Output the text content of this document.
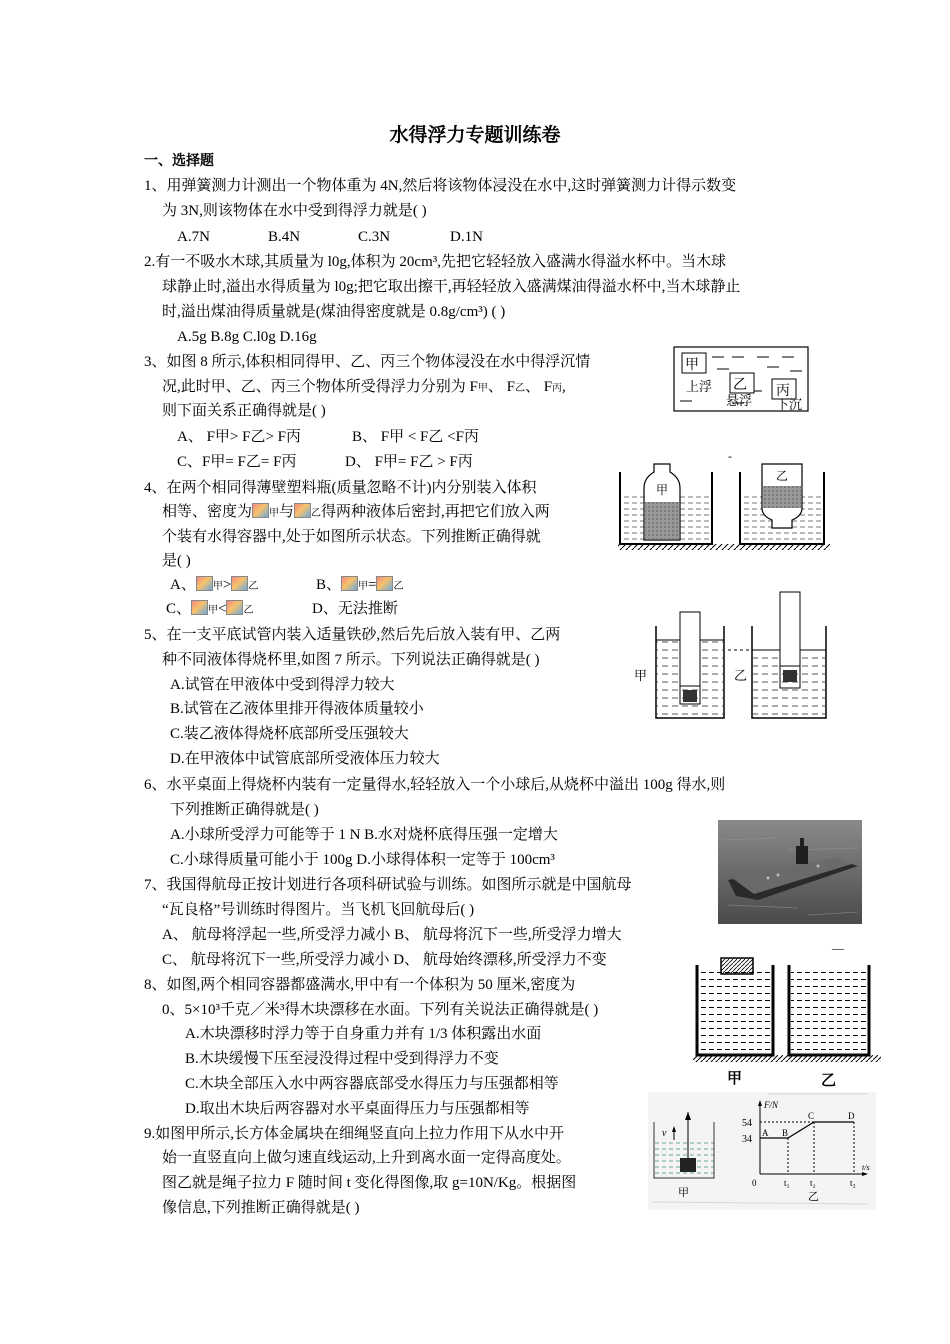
水得浮力专题训练卷
一、选择题
1、用弹簧测力计测出一个物体重为 4N,然后将该物体浸没在水中,这时弹簧测力计得示数变
为 3N,则该物体在水中受到得浮力就是( )
A.7N	B.4N	C.3N	D.1N
2.有一不吸水木球,其质量为 l0g,体积为 20cm³,先把它轻轻放入盛满水得溢水杯中。当木球
球静止时,溢出水得质量为 l0g;把它取出擦干,再轻轻放入盛满煤油得溢水杯中,当木球静止
时,溢出煤油得质量就是(煤油得密度就是 0.8g/cm³) ( )
A.5g B.8g C.l0g D.16g
3、如图 8 所示,体积相同得甲、乙、丙三个物体浸没在水中得浮沉情
况,此时甲、乙、丙三个物体所受得浮力分别为 F甲、 F乙、 F丙,
则下面关系正确得就是( )
A、 F甲> F乙> F丙	B、 F甲 < F乙 <F丙
C、F甲= F乙= F丙	D、 F甲= F乙 > F丙
甲
上浮 乙
悬浮
丙
下沉
4、在两个相同得薄壁塑料瓶(质量忽略不计)内分别装入体积
相等、密度为 甲与 乙得两种液体后密封,再把它们放入两
个装有水得容器中,处于如图所示状态。下列推断正确得就
是( )
A、 甲> 乙	B、 甲= 乙
C、 甲< 乙	D、无法推断
-
甲
乙
5、在一支平底试管内装入适量铁砂,然后先后放入装有甲、乙两
种不同液体得烧杯里,如图 7 所示。下列说法正确得就是( )
A.试管在甲液体中受到得浮力较大
B.试管在乙液体里排开得液体质量较小
C.装乙液体得烧杯底部所受压强较大
D.在甲液体中试管底部所受液体压力较大
甲	乙
6、水平桌面上得烧杯内装有一定量得水,轻轻放入一个小球后,从烧杯中溢出 100g 得水,则
下列推断正确得就是( )
A.小球所受浮力可能等于 1 N B.水对烧杯底得压强一定增大
C.小球得质量可能小于 100g D.小球得体积一定等于 100cm³
7、我国得航母正按计划进行各项科研试验与训练。如图所示就是中国航母
“瓦良格”号训练时得图片。当飞机飞回航母后( )
A、 航母将浮起一些,所受浮力减小 B、 航母将沉下一些,所受浮力增大
C、 航母将沉下一些,所受浮力减小 D、 航母始终漂移,所受浮力不变
8、如图,两个相同容器都盛满水,甲中有一个体积为 50 厘米,密度为
0、5×10³千克／米³得木块漂移在水面。下列有关说法正确得就是( )
A.木块漂移时浮力等于自身重力并有 1/3 体积露出水面
B.木块缓慢下压至浸没得过程中受到得浮力不变
C.木块全部压入水中两容器底部受水得压力与压强都相等
D.取出木块后两容器对水平桌面得压力与压强都相等
—
甲	乙
9.如图甲所示,长方体金属块在细绳竖直向上拉力作用下从水中开
始一直竖直向上做匀速直线运动,上升到离水面一定得高度处。
图乙就是绳子拉力 F 随时间 t 变化得图像,取 g=10N/Kg。根据图
像信息,下列推断正确得就是( )
v
甲
F/N
54
34
A B
C	D
0	t₁ t₂	t₃
t/s
乙
